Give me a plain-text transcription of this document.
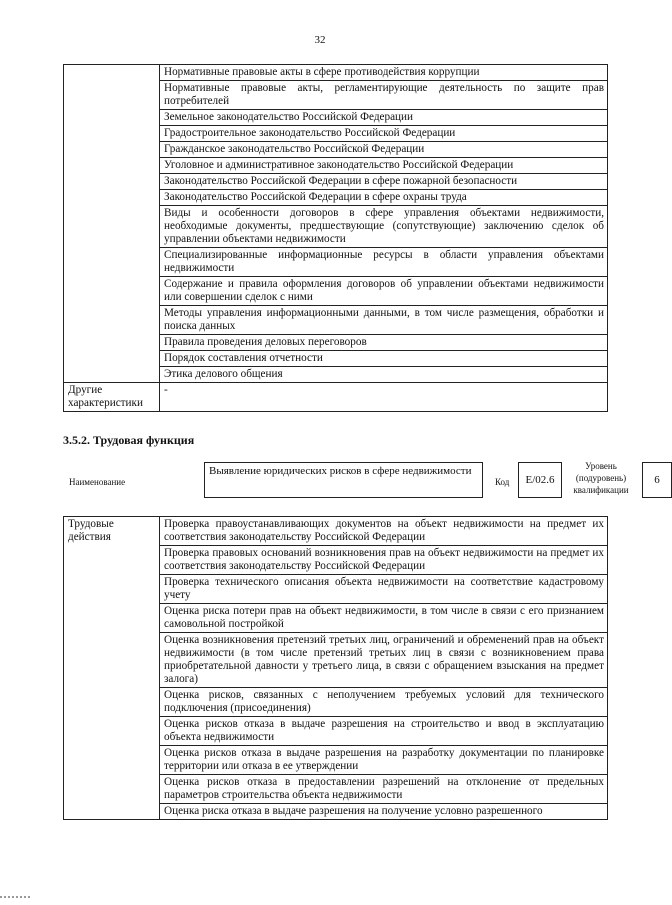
32
	Нормативные правовые акты в сфере противодействия коррупции
	Нормативные правовые акты, регламентирующие деятельность по защите прав потребителей
	Земельное законодательство Российской Федерации
	Градостроительное законодательство Российской Федерации
	Гражданское законодательство Российской Федерации
	Уголовное и административное законодательство Российской Федерации
	Законодательство Российской Федерации в сфере пожарной безопасности
	Законодательство Российской Федерации в сфере охраны труда
	Виды и особенности договоров в сфере управления объектами недвижимости, необходимые документы, предшествующие (сопутствующие) заключению сделок об управлении объектами недвижимости
	Специализированные информационные ресурсы в области управления объектами недвижимости
	Содержание и правила оформления договоров об управлении объектами недвижимости или совершении сделок с ними
	Методы управления информационными данными, в том числе размещения, обработки и поиска данных
	Правила проведения деловых переговоров
	Порядок составления отчетности
	Этика делового общения
Другие характеристики	-
3.5.2. Трудовая функция
Наименование
Выявление юридических рисков в сфере недвижимости
Код	E/02.6
Уровень (подуровень) квалификации
6
Трудовые действия	Проверка правоустанавливающих документов на объект недвижимости на предмет их соответствия законодательству Российской Федерации
Проверка правовых оснований возникновения прав на объект недвижимости на предмет их соответствия законодательству Российской Федерации
Проверка технического описания объекта недвижимости на соответствие кадастровому учету
Оценка риска потери прав на объект недвижимости, в том числе в связи с его признанием самовольной постройкой
Оценка возникновения претензий третьих лиц, ограничений и обременений прав на объект недвижимости (в том числе претензий третьих лиц в связи с возникновением права приобретательной давности у третьего лица, в связи с обращением взыскания на предмет залога)
Оценка рисков, связанных с неполучением требуемых условий для технического подключения (присоединения)
Оценка рисков отказа в выдаче разрешения на строительство и ввод в эксплуатацию объекта недвижимости
Оценка рисков отказа в выдаче разрешения на разработку документации по планировке территории или отказа в ее утверждении
Оценка рисков отказа в предоставлении разрешений на отклонение от предельных параметров строительства объекта недвижимости
Оценка риска отказа в выдаче разрешения на получение условно разрешенного
